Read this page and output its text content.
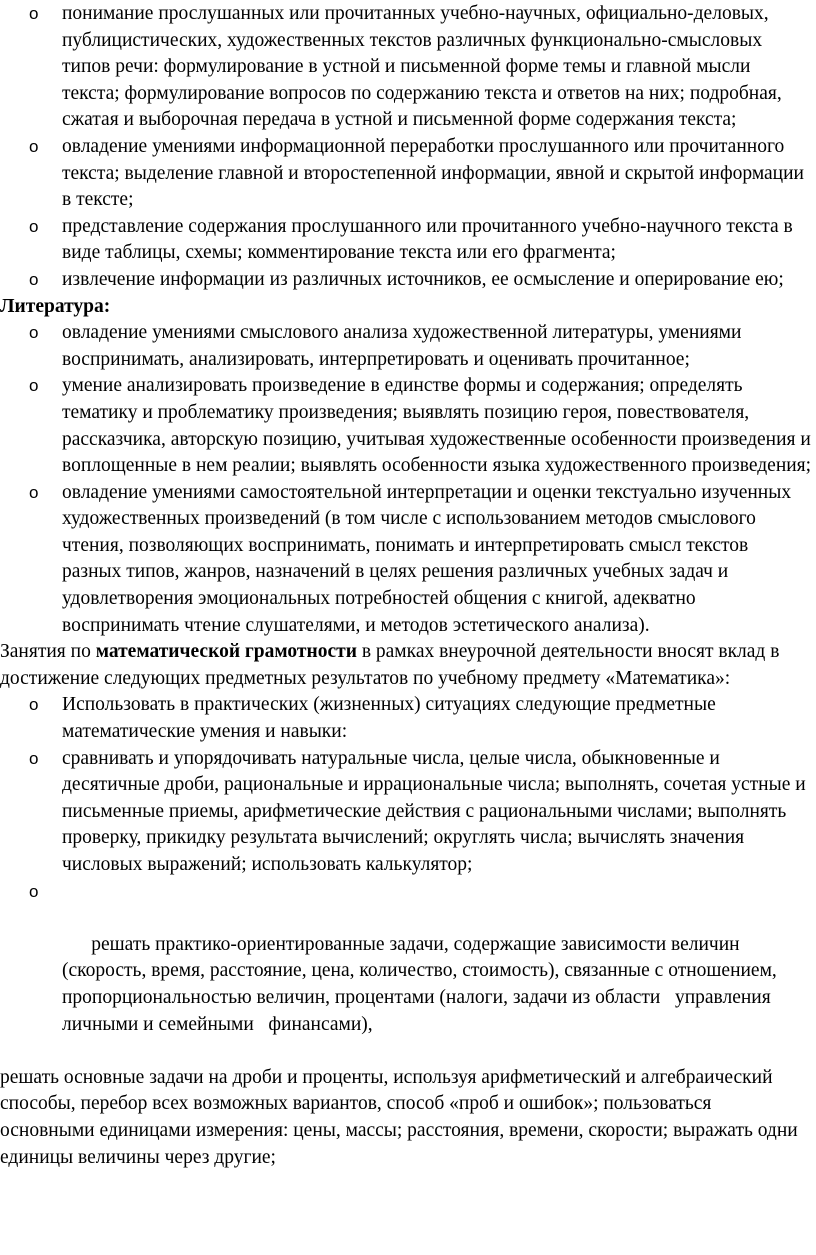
o понимание прослушанных или прочитанных учебно-научных, официально-деловых, публицистических, художественных текстов различных функционально-смысловых типов речи: формулирование в устной и письменной форме темы и главной мысли текста; формулирование вопросов по содержанию текста и ответов на них; подробная, сжатая и выборочная передача в устной и письменной форме содержания текста;
o овладение умениями информационной переработки прослушанного или прочитанного текста; выделение главной и второстепенной информации, явной и скрытой информации в тексте;
o представление содержания прослушанного или прочитанного учебно-научного текста в виде таблицы, схемы; комментирование текста или его фрагмента;
o извлечение информации из различных источников, ее осмысление и оперирование ею;
Литература:
o овладение умениями смыслового анализа художественной литературы, умениями воспринимать, анализировать, интерпретировать и оценивать прочитанное;
o умение анализировать произведение в единстве формы и содержания; определять тематику и проблематику произведения; выявлять позицию героя, повествователя, рассказчика, авторскую позицию, учитывая художественные особенности произведения и воплощенные в нем реалии; выявлять особенности языка художественного произведения;
o овладение умениями самостоятельной интерпретации и оценки текстуально изученных художественных произведений (в том числе с использованием методов смыслового чтения, позволяющих воспринимать, понимать и интерпретировать смысл текстов разных типов, жанров, назначений в целях решения различных учебных задач и удовлетворения эмоциональных потребностей общения с книгой, адекватно воспринимать чтение слушателями, и методов эстетического анализа).

Занятия по математической грамотности в рамках внеурочной деятельности вносят вклад в достижение следующих предметных результатов по учебному предмету «Математика»:

o Использовать в практических (жизненных) ситуациях следующие предметные математические умения и навыки:
o сравнивать и упорядочивать натуральные числа, целые числа, обыкновенные и десятичные дроби, рациональные и иррациональные числа; выполнять, сочетая устные и письменные приемы, арифметические действия с рациональными числами; выполнять проверку, прикидку результата вычислений; округлять числа; вычислять значения числовых выражений; использовать калькулятор;

o

решать практико-ориентированные задачи, содержащие зависимости величин (скорость, время, расстояние, цена, количество, стоимость), связанные с отношением, пропорциональностью величин, процентами (налоги, задачи из области   управления   личными и семейными   финансами),

решать основные задачи на дроби и проценты, используя арифметический и алгебраический способы, перебор всех возможных вариантов, способ «проб и ошибок»; пользоваться основными единицами измерения: цены, массы; расстояния, времени, скорости; выражать одни единицы величины через другие;
